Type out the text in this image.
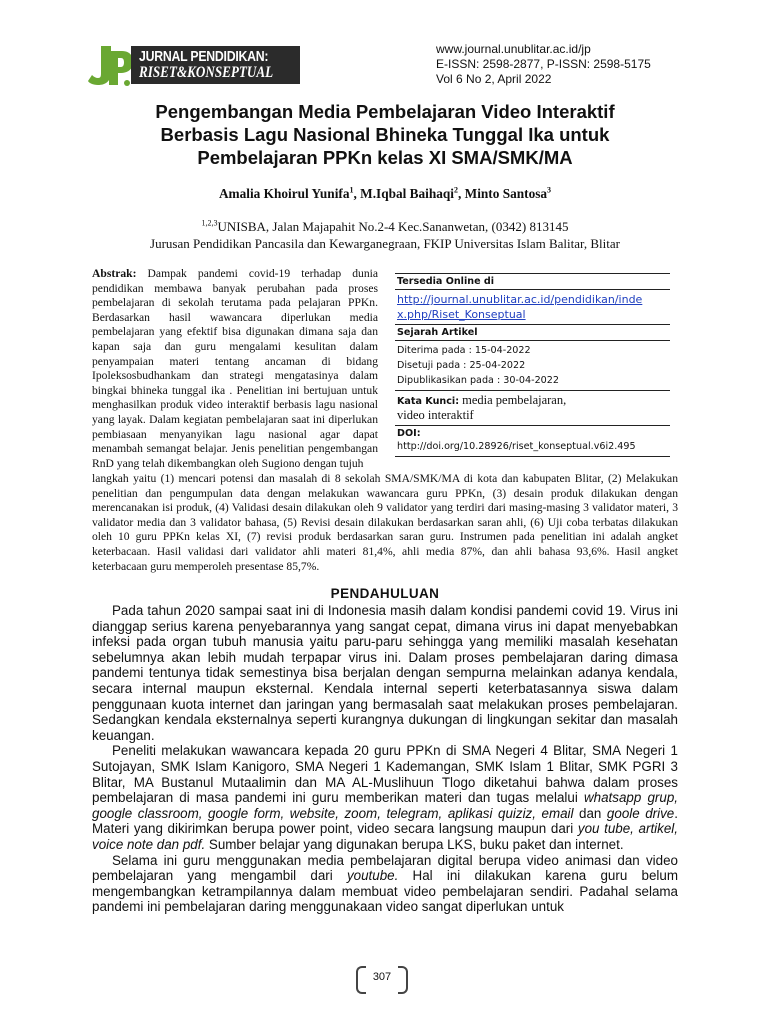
JURNAL PENDIDIKAN:
RISET&KONSEPTUAL
www.journal.unublitar.ac.id/jp
E-ISSN: 2598-2877, P-ISSN: 2598-5175
Vol 6 No 2, April 2022
Pengembangan Media Pembelajaran Video Interaktif
Berbasis Lagu Nasional Bhineka Tunggal Ika untuk
Pembelajaran PPKn kelas XI SMA/SMK/MA
Amalia Khoirul Yunifa$^1$, M.Iqbal Baihaqi$^2$, Minto Santosa$^3$
$^{1,2,3}$UNISBA, Jalan Majapahit No.2-4 Kec.Sananwetan, (0342) 813145
Jurusan Pendidikan Pancasila dan Kewarganegraan, FKIP Universitas Islam Balitar, Blitar
Abstrak: Dampak pandemi covid-19 terhadap dunia pendidikan membawa banyak perubahan pada proses pembelajaran di sekolah terutama pada pelajaran PPKn. Berdasarkan hasil wawancara diperlukan media pembelajaran yang efektif bisa digunakan dimana saja dan kapan saja dan guru mengalami kesulitan dalam penyampaian materi tentang ancaman di bidang Ipoleksosbudhankam dan strategi mengatasinya dalam bingkai bhineka tunggal ika . Penelitian ini bertujuan untuk menghasilkan produk video interaktif berbasis lagu nasional yang layak. Dalam kegiatan pembelajaran saat ini diperlukan pembiasaan menyanyikan lagu nasional agar dapat menambah semangat belajar. Jenis penelitian pengembangan RnD yang telah dikembangkan oleh Sugiono dengan tujuh
Tersedia Online di
http://journal.unublitar.ac.id/pendidikan/inde
x.php/Riset_Konseptual
Sejarah Artikel
Diterima pada : 15-04-2022
Disetuji pada : 25-04-2022
Dipublikasikan pada : 30-04-2022
Kata Kunci: media pembelajaran,
video interaktif
DOI:
http://doi.org/10.28926/riset_konseptual.v6i2.495
langkah yaitu (1) mencari potensi dan masalah di 8 sekolah SMA/SMK/MA di kota dan kabupaten Blitar, (2) Melakukan penelitian dan pengumpulan data dengan melakukan wawancara guru PPKn, (3) desain produk dilakukan dengan merencanakan isi produk, (4) Validasi desain dilakukan oleh 9 validator yang terdiri dari masing-masing 3 validator materi, 3 validator media dan 3 validator bahasa, (5) Revisi desain dilakukan berdasarkan saran ahli, (6) Uji coba terbatas dilakukan oleh 10 guru PPKn kelas XI, (7) revisi produk berdasarkan saran guru. Instrumen pada penelitian ini adalah angket keterbacaan. Hasil validasi dari validator ahli materi 81,4%, ahli media 87%, dan ahli bahasa 93,6%. Hasil angket keterbacaan guru memperoleh presentase 85,7%.
PENDAHULUAN

Pada tahun 2020 sampai saat ini di Indonesia masih dalam kondisi pandemi covid 19. Virus ini dianggap serius karena penyebarannya yang sangat cepat, dimana virus ini dapat menyebabkan infeksi pada organ tubuh manusia yaitu paru-paru sehingga yang memiliki masalah kesehatan sebelumnya akan lebih mudah terpapar virus ini. Dalam proses pembelajaran daring dimasa pandemi tentunya tidak semestinya bisa berjalan dengan sempurna melainkan adanya kendala, secara internal maupun eksternal. Kendala internal seperti keterbatasannya siswa dalam penggunaan kuota internet dan jaringan yang bermasalah saat melakukan proses pembelajaran. Sedangkan kendala eksternalnya seperti kurangnya dukungan di lingkungan sekitar dan masalah keuangan.

Peneliti melakukan wawancara kepada 20 guru PPKn di SMA Negeri 4 Blitar, SMA Negeri 1 Sutojayan, SMK Islam Kanigoro, SMA Negeri 1 Kademangan, SMK Islam 1 Blitar, SMK PGRI 3 Blitar, MA Bustanul Mutaalimin dan MA AL-Muslihuun Tlogo diketahui bahwa dalam proses pembelajaran di masa pandemi ini guru memberikan materi dan tugas melalui whatsapp grup, google classroom, google form, website, zoom, telegram, aplikasi quiziz, email dan goole drive. Materi yang dikirimkan berupa power point, video secara langsung maupun dari you tube, artikel, voice note dan pdf. Sumber belajar yang digunakan berupa LKS, buku paket dan internet.

Selama ini guru menggunakan media pembelajaran digital berupa video animasi dan video pembelajaran yang mengambil dari youtube. Hal ini dilakukan karena guru belum mengembangkan ketrampilannya dalam membuat video pembelajaran sendiri. Padahal selama pandemi ini pembelajaran daring menggunakaan video sangat diperlukan untuk

307
